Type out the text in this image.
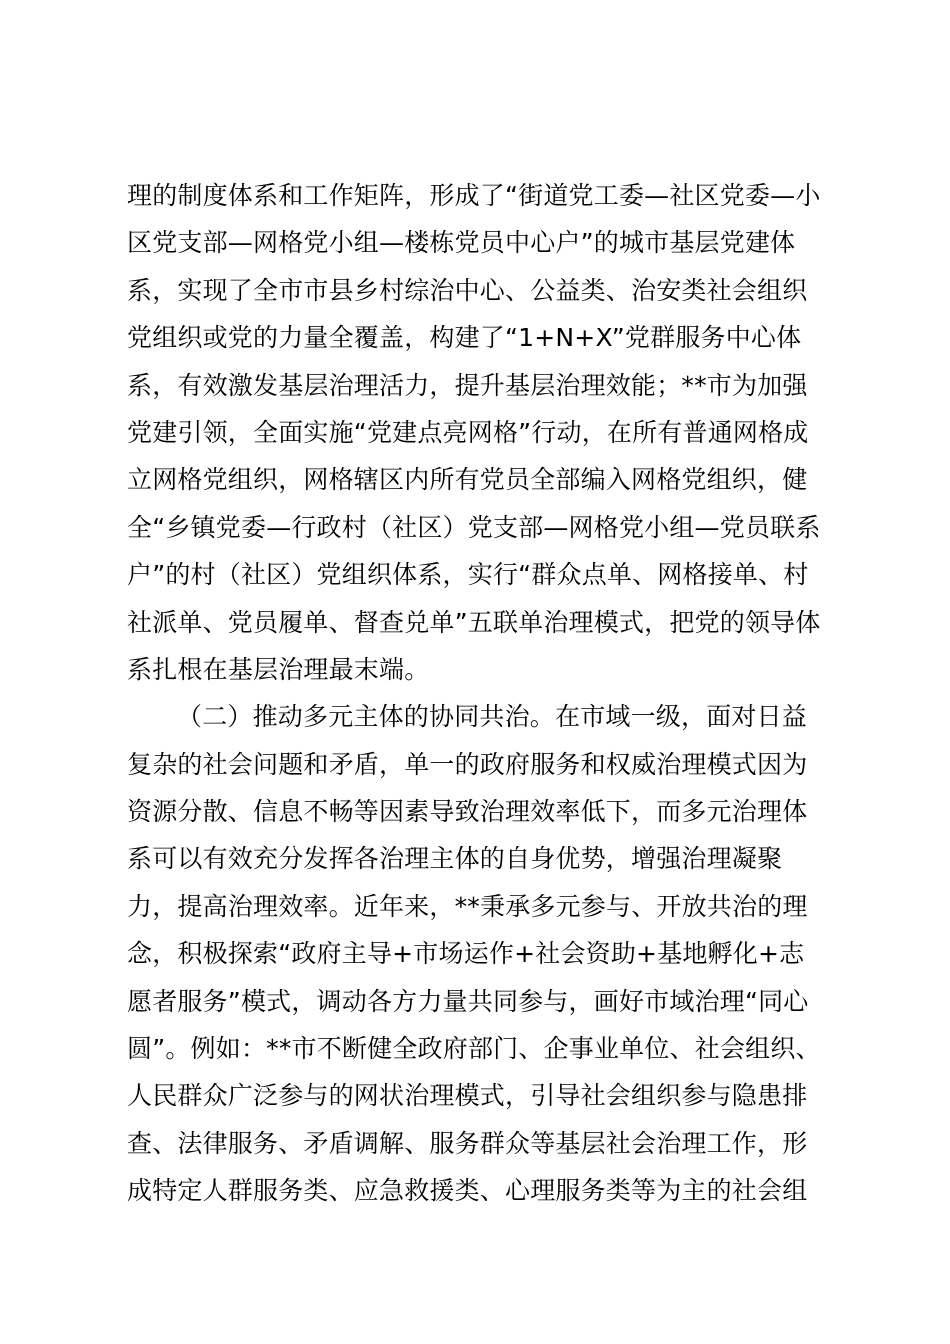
理的制度体系和工作矩阵，形成了“街道党工委—社区党委—小
区党支部—网格党小组—楼栋党员中心户”的城市基层党建体
系，实现了全市市县乡村综治中心、公益类、治安类社会组织
党组织或党的力量全覆盖，构建了“1+N+X”党群服务中心体
系，有效激发基层治理活力，提升基层治理效能；**市为加强
党建引领，全面实施“党建点亮网格”行动，在所有普通网格成
立网格党组织，网格辖区内所有党员全部编入网格党组织，健
全“乡镇党委—行政村（社区）党支部—网格党小组—党员联系
户”的村（社区）党组织体系，实行“群众点单、网格接单、村
社派单、党员履单、督查兑单”五联单治理模式，把党的领导体
系扎根在基层治理最末端。
（二）推动多元主体的协同共治。在市域一级，面对日益
复杂的社会问题和矛盾，单一的政府服务和权威治理模式因为
资源分散、信息不畅等因素导致治理效率低下，而多元治理体
系可以有效充分发挥各治理主体的自身优势，增强治理凝聚
力，提高治理效率。近年来，**秉承多元参与、开放共治的理
念，积极探索“政府主导+市场运作+社会资助+基地孵化+志
愿者服务”模式，调动各方力量共同参与，画好市域治理“同心
圆”。例如：**市不断健全政府部门、企事业单位、社会组织、
人民群众广泛参与的网状治理模式，引导社会组织参与隐患排
查、法律服务、矛盾调解、服务群众等基层社会治理工作，形
成特定人群服务类、应急救援类、心理服务类等为主的社会组
